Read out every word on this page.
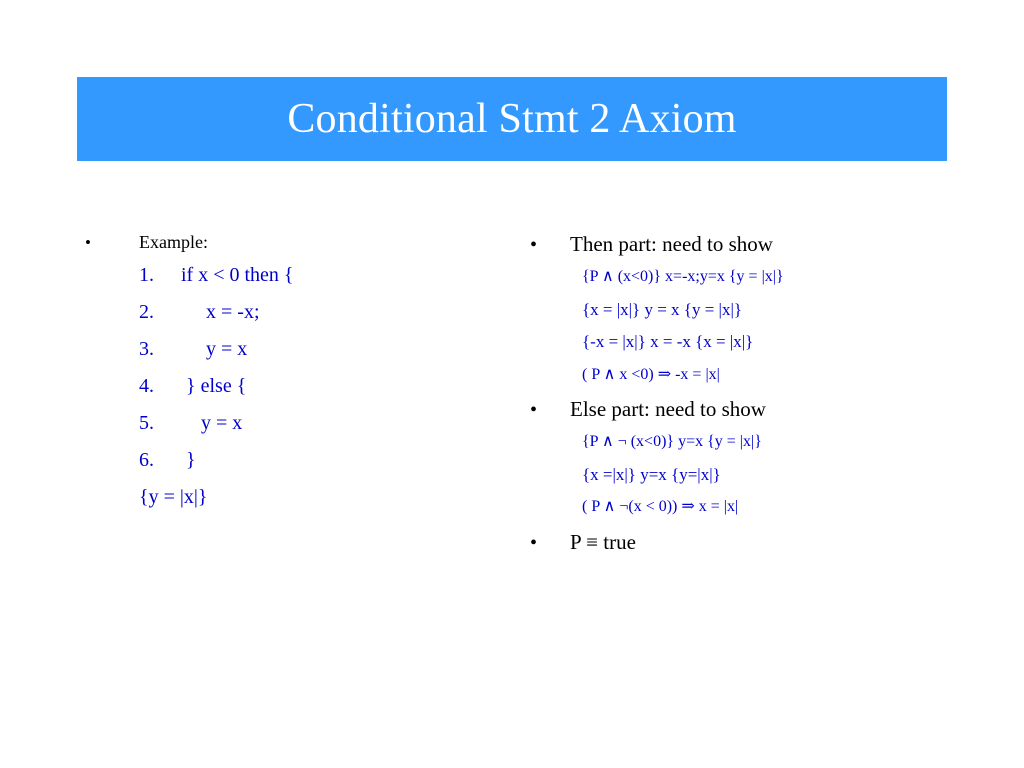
Conditional Stmt 2 Axiom
•	Example:
1.	if x < 0 then {
2.	x = -x;
3.	y = x
4.	} else {
5.	y = x
6.	}
{y = |x|}
•	Then part: need to show
{P ∧ (x<0)} x=-x;y=x {y = |x|}
{x = |x|} y = x {y = |x|}
{-x = |x|} x = -x {x = |x|}
( P ∧ x <0) ⇒ -x = |x|
•	Else part: need to show
{P ∧ ¬ (x<0)} y=x {y = |x|}
{x =|x|} y=x {y=|x|}
( P ∧ ¬(x < 0)) ⇒ x = |x|
•	P ≡ true
